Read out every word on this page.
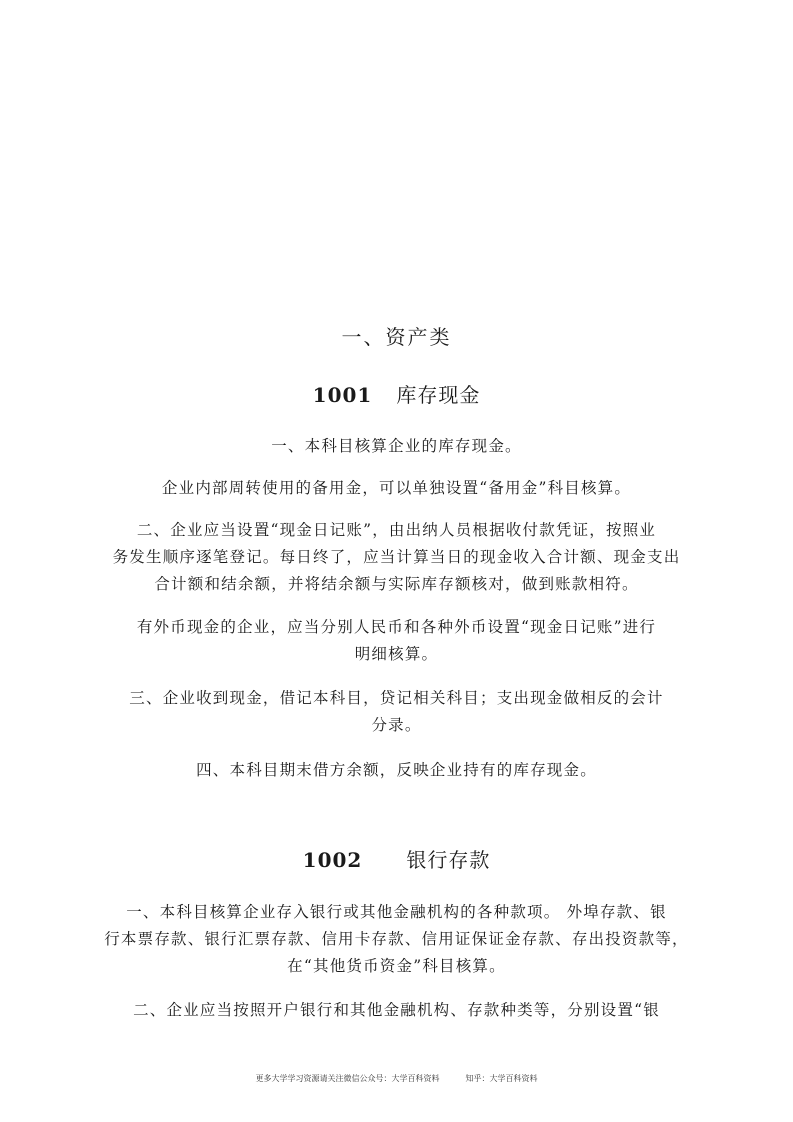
一、资产类
1001 库存现金
一、本科目核算企业的库存现金。
企业内部周转使用的备用金，可以单独设置“备用金”科目核算。
二、企业应当设置“现金日记账”，由出纳人员根据收付款凭证，按照业
务发生顺序逐笔登记。每日终了，应当计算当日的现金收入合计额、现金支出
合计额和结余额，并将结余额与实际库存额核对，做到账款相符。
有外币现金的企业，应当分别人民币和各种外币设置“现金日记账”进行
明细核算。
三、企业收到现金，借记本科目，贷记相关科目；支出现金做相反的会计
分录。
四、本科目期末借方余额，反映企业持有的库存现金。
1002 银行存款
一、本科目核算企业存入银行或其他金融机构的各种款项。 外埠存款、银
行本票存款、银行汇票存款、信用卡存款、信用证保证金存款、存出投资款等，
在“其他货币资金”科目核算。
二、企业应当按照开户银行和其他金融机构、存款种类等，分别设置“银
更多大学学习资源请关注微信公众号：大学百科资料	知乎：大学百科资料
